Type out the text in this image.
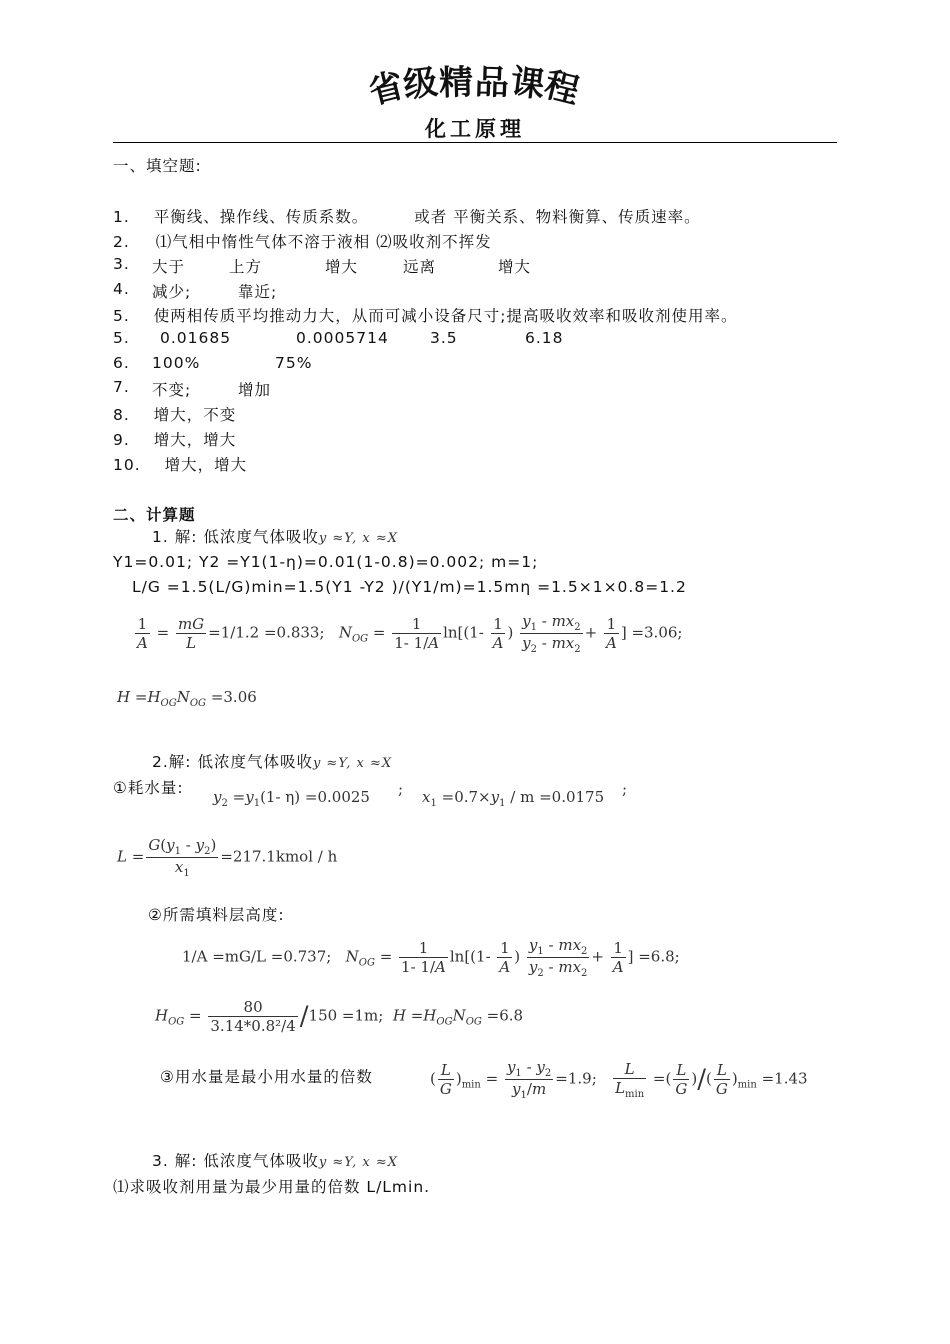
省级精品课程
化工原理
一、填空题:
1. 平衡线、操作线、传质系数。	或者 平衡关系、物料衡算、传质速率。
2. ⑴气相中惰性气体不溶于液相 ⑵吸收剂不挥发
3. 大于	上方	增大	远离	增大
4. 减少;	靠近;
5. 使两相传质平均推动力大，从而可减小设备尺寸;提高吸收效率和吸收剂使用率。
5. 0.01685	0.0005714	3.5	6.18
6. 100%	75%
7. 不变;	增加
8. 增大，不变
9. 增大，增大
10. 增大，增大
二、计算题
1. 解: 低浓度气体吸收y ≈Y, x ≈X
Y1=0.01; Y2 =Y1(1-η)=0.01(1-0.8)=0.002; m=1;
L/G =1.5(L/G)min=1.5(Y1 -Y2 )/(Y1/m)=1.5mη =1.5×1×0.8=1.2
$\frac{1}{A} = \frac{mG}{L} =1/1.2 =0.833$;   $N_{OG} = \frac{1}{1- 1/A} \ln[(1- \frac{1}{A}$ ) $\frac{y_1 - mx_2}{y_2 - mx_2} + \frac{1}{A}$ ] =3.06;
$H =H_{OG}N_{OG} =3.06$
2.解: 低浓度气体吸收y ≈Y, x ≈X
①耗水量: $y_2 =y_1(1-$ η) =0.0025 ; $x_1 =0.7\times y_1 / m =0.0175$ ;
$L = \frac{G(y_1 - y_2)}{x_1}$ =217.1kmol / h
②所需填料层高度:
1/A =mG/L =0.737;   $N_{OG} = \frac{1}{1- 1/A} \ln[(1- \frac{1}{A}$ ) $\frac{y_1 - mx_2}{y_2 - mx_2} + \frac{1}{A}$ ] =6.8;
$H_{OG} = \frac{80}{\text{3.14*0.8²/4}} /150 =1m$;  $H =H_{OG}N_{OG} =6.8$
③用水量是最小用水量的倍数	( $\frac{L}{G} )_{min} = \frac{y_1 - y_2}{y_1/m} =1.9$; $\frac{L}{L_{min}}$ =( $\frac{L}{G}$ )/( $\frac{L}{G} )_{min} =1.43$
3. 解: 低浓度气体吸收y ≈Y, x ≈X
⑴求吸收剂用量为最少用量的倍数 L/Lmin.
